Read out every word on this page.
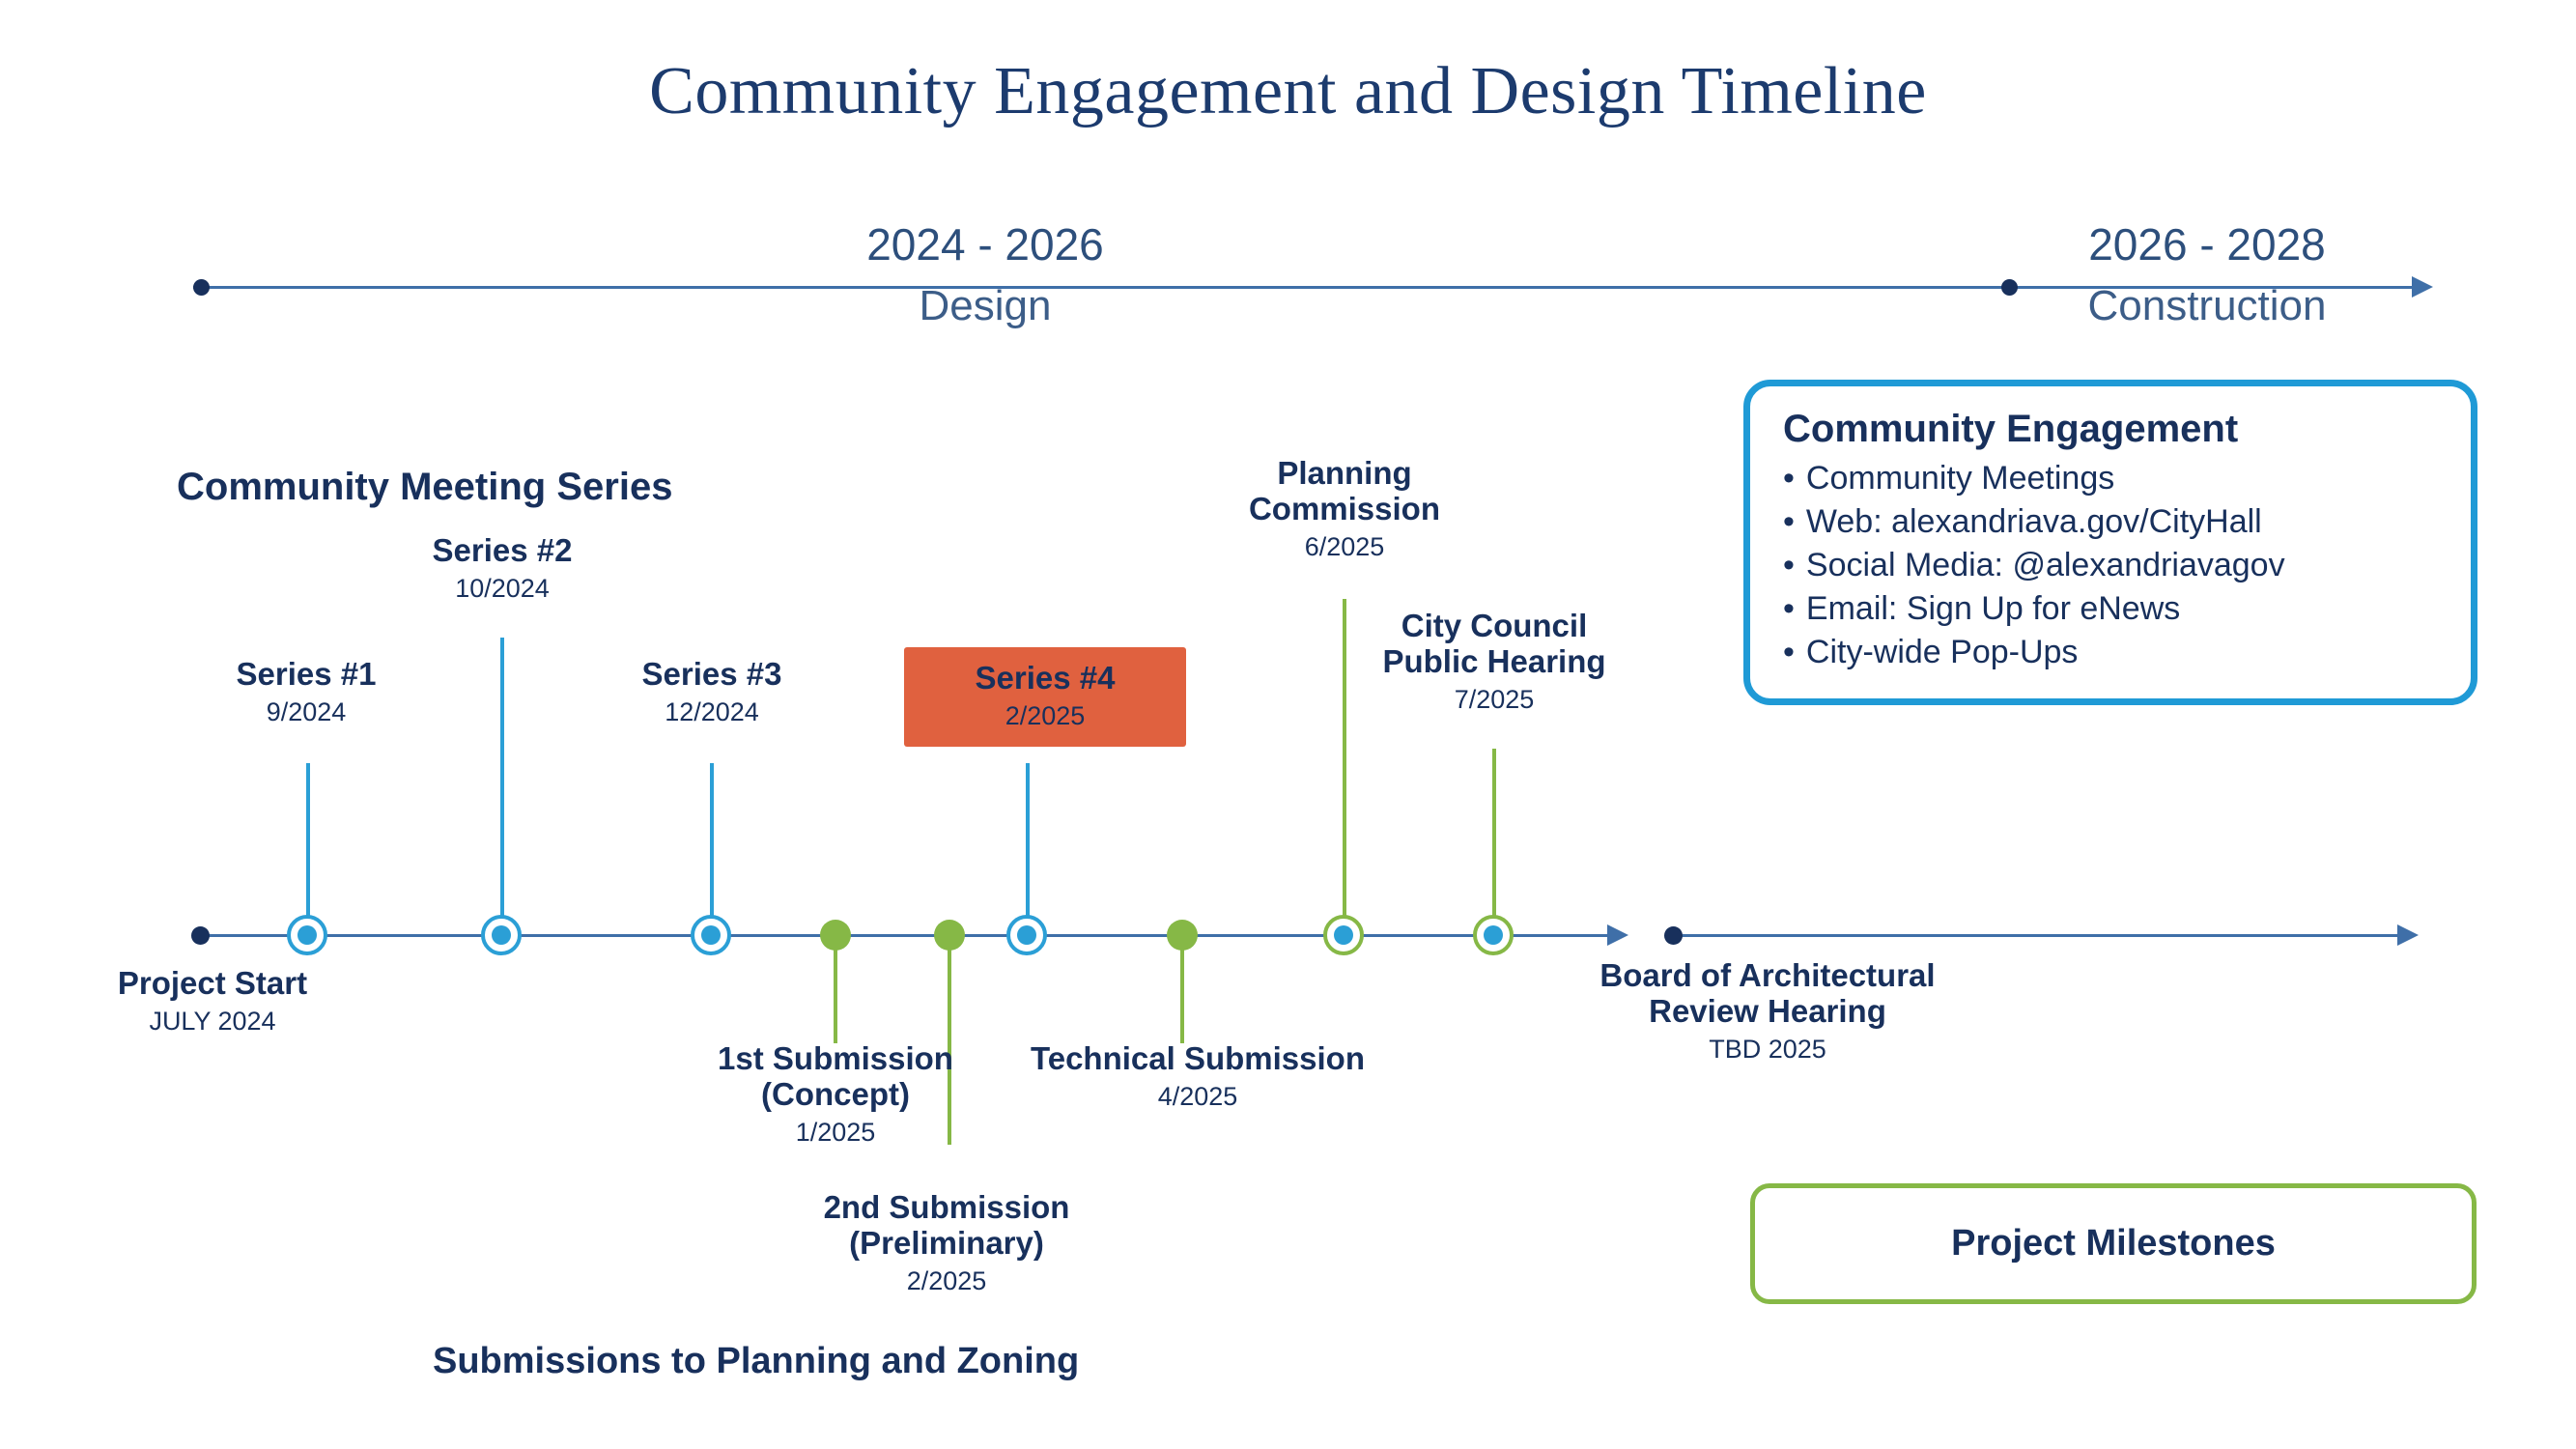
Community Engagement and Design Timeline
2024 - 2026
Design
2026 - 2028
Construction
Project Start
JULY 2024
Community Meeting Series
Series #1
9/2024
Series #2
10/2024
Series #3
12/2024
Series #4
2/2025
Planning
Commission
6/2025
City Council
Public Hearing
7/2025
1st Submission
(Concept)
1/2025
2nd Submission
(Preliminary)
2/2025
Technical Submission
4/2025
Board of Architectural
Review Hearing
TBD 2025
Submissions to Planning and Zoning
Community Engagement
• Community Meetings
• Web: alexandriava.gov/CityHall
• Social Media: @alexandriavagov
• Email: Sign Up for eNews
• City-wide Pop-Ups
Project Milestones
